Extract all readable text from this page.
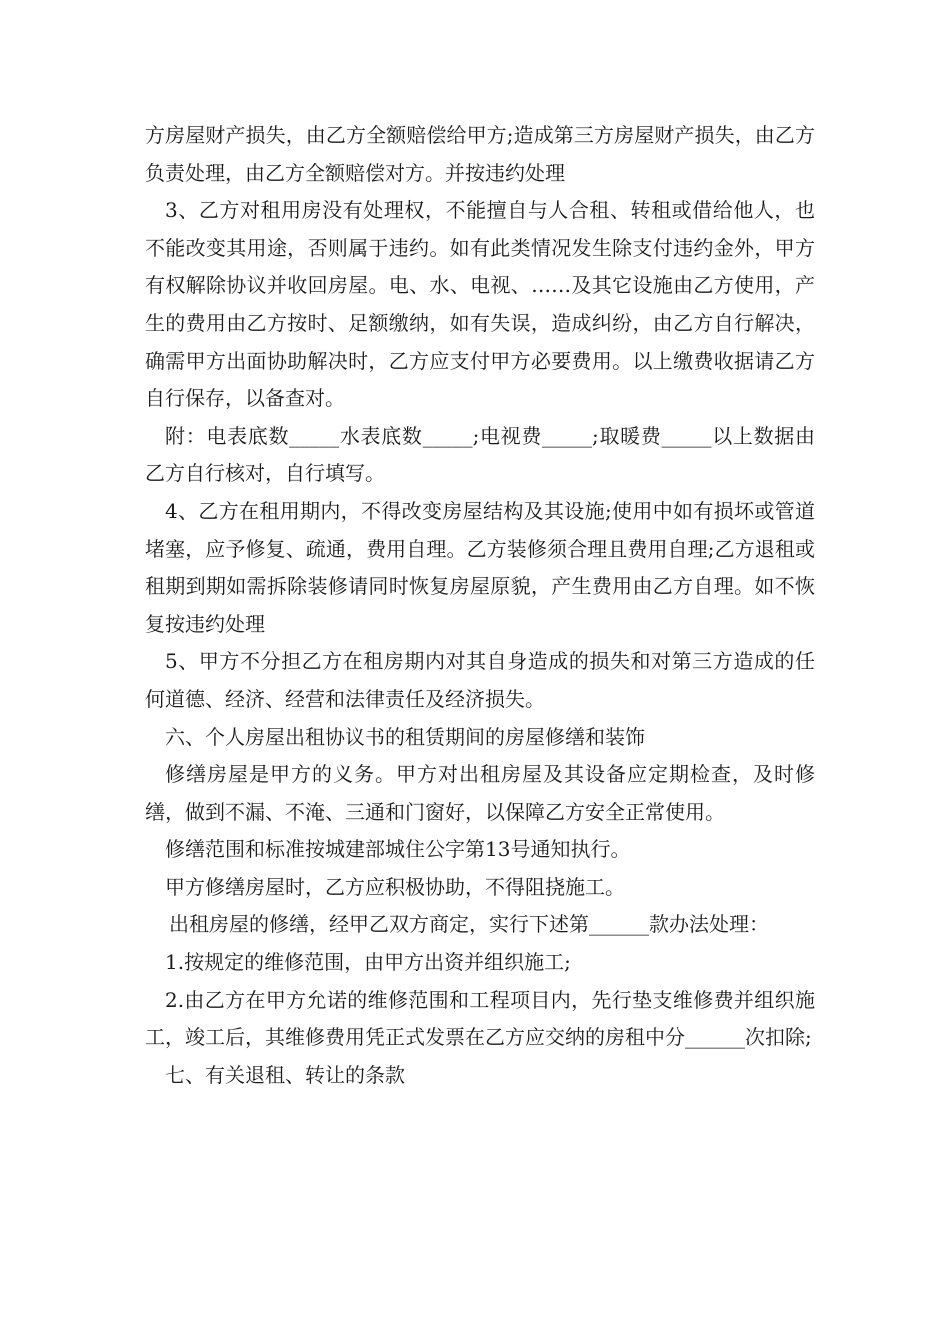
方房屋财产损失，由乙方全额赔偿给甲方;造成第三方房屋财产损失，由乙方负责处理，由乙方全额赔偿对方。并按违约处理

3、乙方对租用房没有处理权，不能擅自与人合租、转租或借给他人，也不能改变其用途，否则属于违约。如有此类情况发生除支付违约金外，甲方有权解除协议并收回房屋。电、水、电视、……及其它设施由乙方使用，产生的费用由乙方按时、足额缴纳，如有失误，造成纠纷，由乙方自行解决，确需甲方出面协助解决时，乙方应支付甲方必要费用。以上缴费收据请乙方自行保存，以备查对。

附：电表底数_____水表底数_____;电视费_____;取暖费_____以上数据由乙方自行核对，自行填写。

4、乙方在租用期内，不得改变房屋结构及其设施;使用中如有损坏或管道堵塞，应予修复、疏通，费用自理。乙方装修须合理且费用自理;乙方退租或租期到期如需拆除装修请同时恢复房屋原貌，产生费用由乙方自理。如不恢复按违约处理

5、甲方不分担乙方在租房期内对其自身造成的损失和对第三方造成的任何道德、经济、经营和法律责任及经济损失。

六、个人房屋出租协议书的租赁期间的房屋修缮和装饰

修缮房屋是甲方的义务。甲方对出租房屋及其设备应定期检查，及时修缮，做到不漏、不淹、三通和门窗好，以保障乙方安全正常使用。

修缮范围和标准按城建部城住公字第13号通知执行。

甲方修缮房屋时，乙方应积极协助，不得阻挠施工。

出租房屋的修缮，经甲乙双方商定，实行下述第______款办法处理：

1.按规定的维修范围，由甲方出资并组织施工;

2.由乙方在甲方允诺的维修范围和工程项目内，先行垫支维修费并组织施工，竣工后，其维修费用凭正式发票在乙方应交纳的房租中分______次扣除;

七、有关退租、转让的条款
